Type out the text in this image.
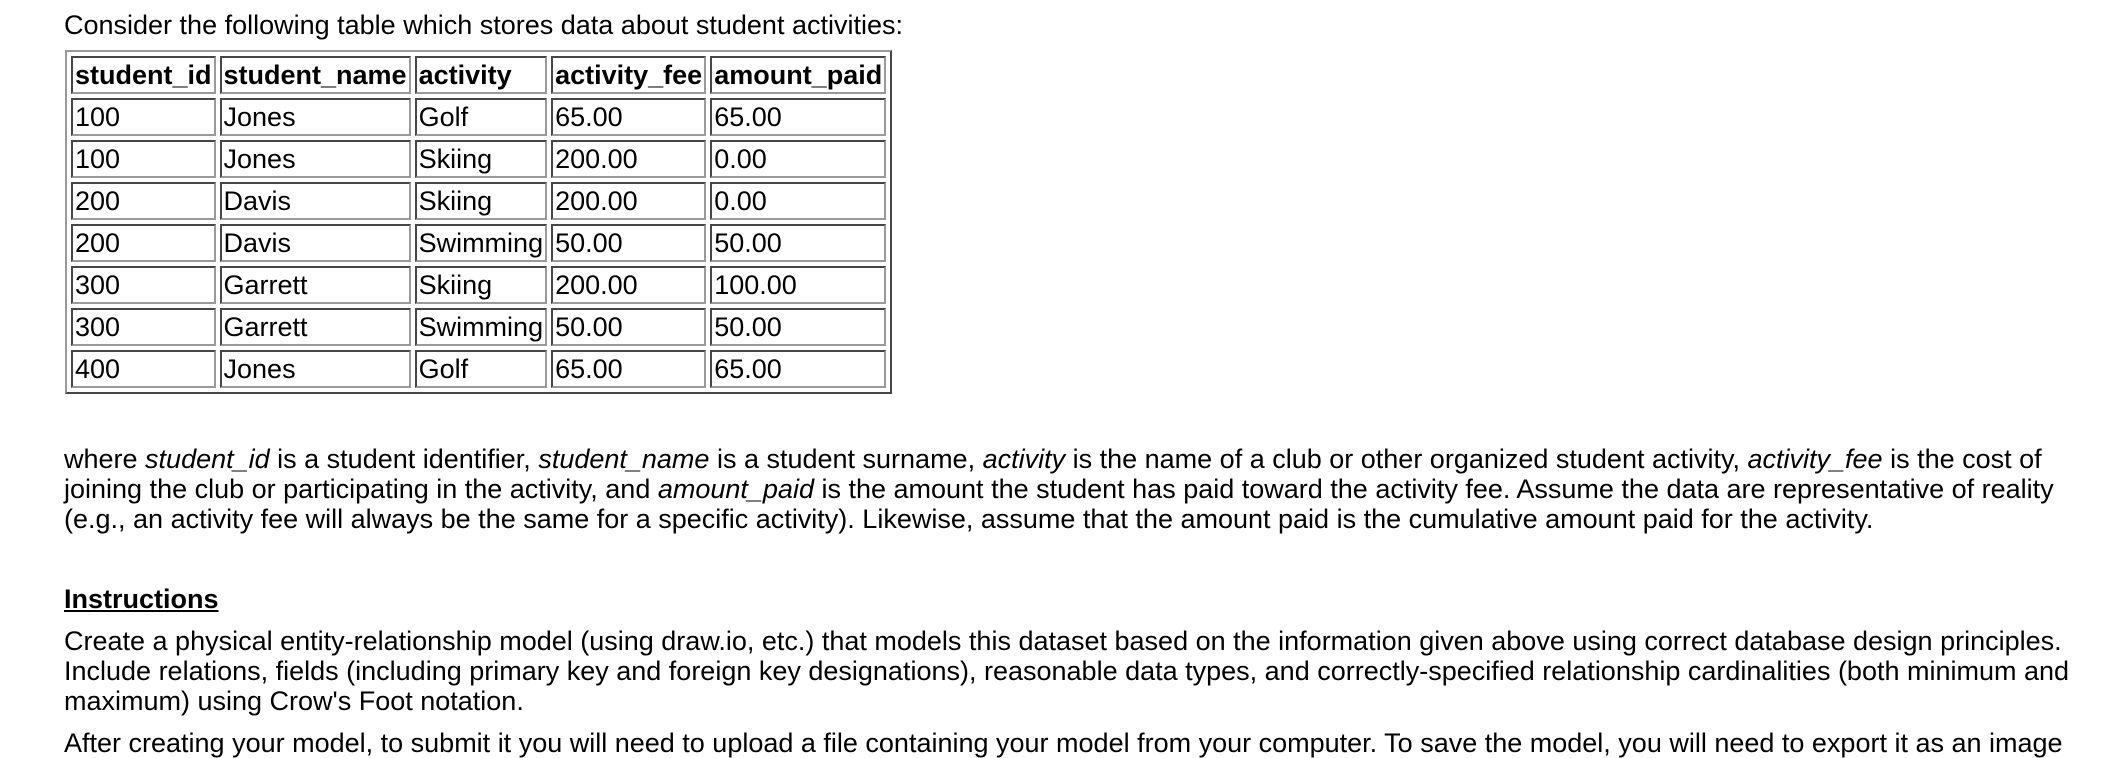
Consider the following table which stores data about student activities:

student_id	student_name	activity	activity_fee	amount_paid
100	Jones	Golf	65.00	65.00
100	Jones	Skiing	200.00	0.00
200	Davis	Skiing	200.00	0.00
200	Davis	Swimming	50.00	50.00
300	Garrett	Skiing	200.00	100.00
300	Garrett	Swimming	50.00	50.00
400	Jones	Golf	65.00	65.00

where student_id is a student identifier, student_name is a student surname, activity is the name of a club or other organized student activity, activity_fee is the cost of joining the club or participating in the activity, and amount_paid is the amount the student has paid toward the activity fee. Assume the data are representative of reality (e.g., an activity fee will always be the same for a specific activity). Likewise, assume that the amount paid is the cumulative amount paid for the activity.

Instructions

Create a physical entity-relationship model (using draw.io, etc.) that models this dataset based on the information given above using correct database design principles. Include relations, fields (including primary key and foreign key designations), reasonable data types, and correctly-specified relationship cardinalities (both minimum and maximum) using Crow's Foot notation.

After creating your model, to submit it you will need to upload a file containing your model from your computer. To save the model, you will need to export it as an image
